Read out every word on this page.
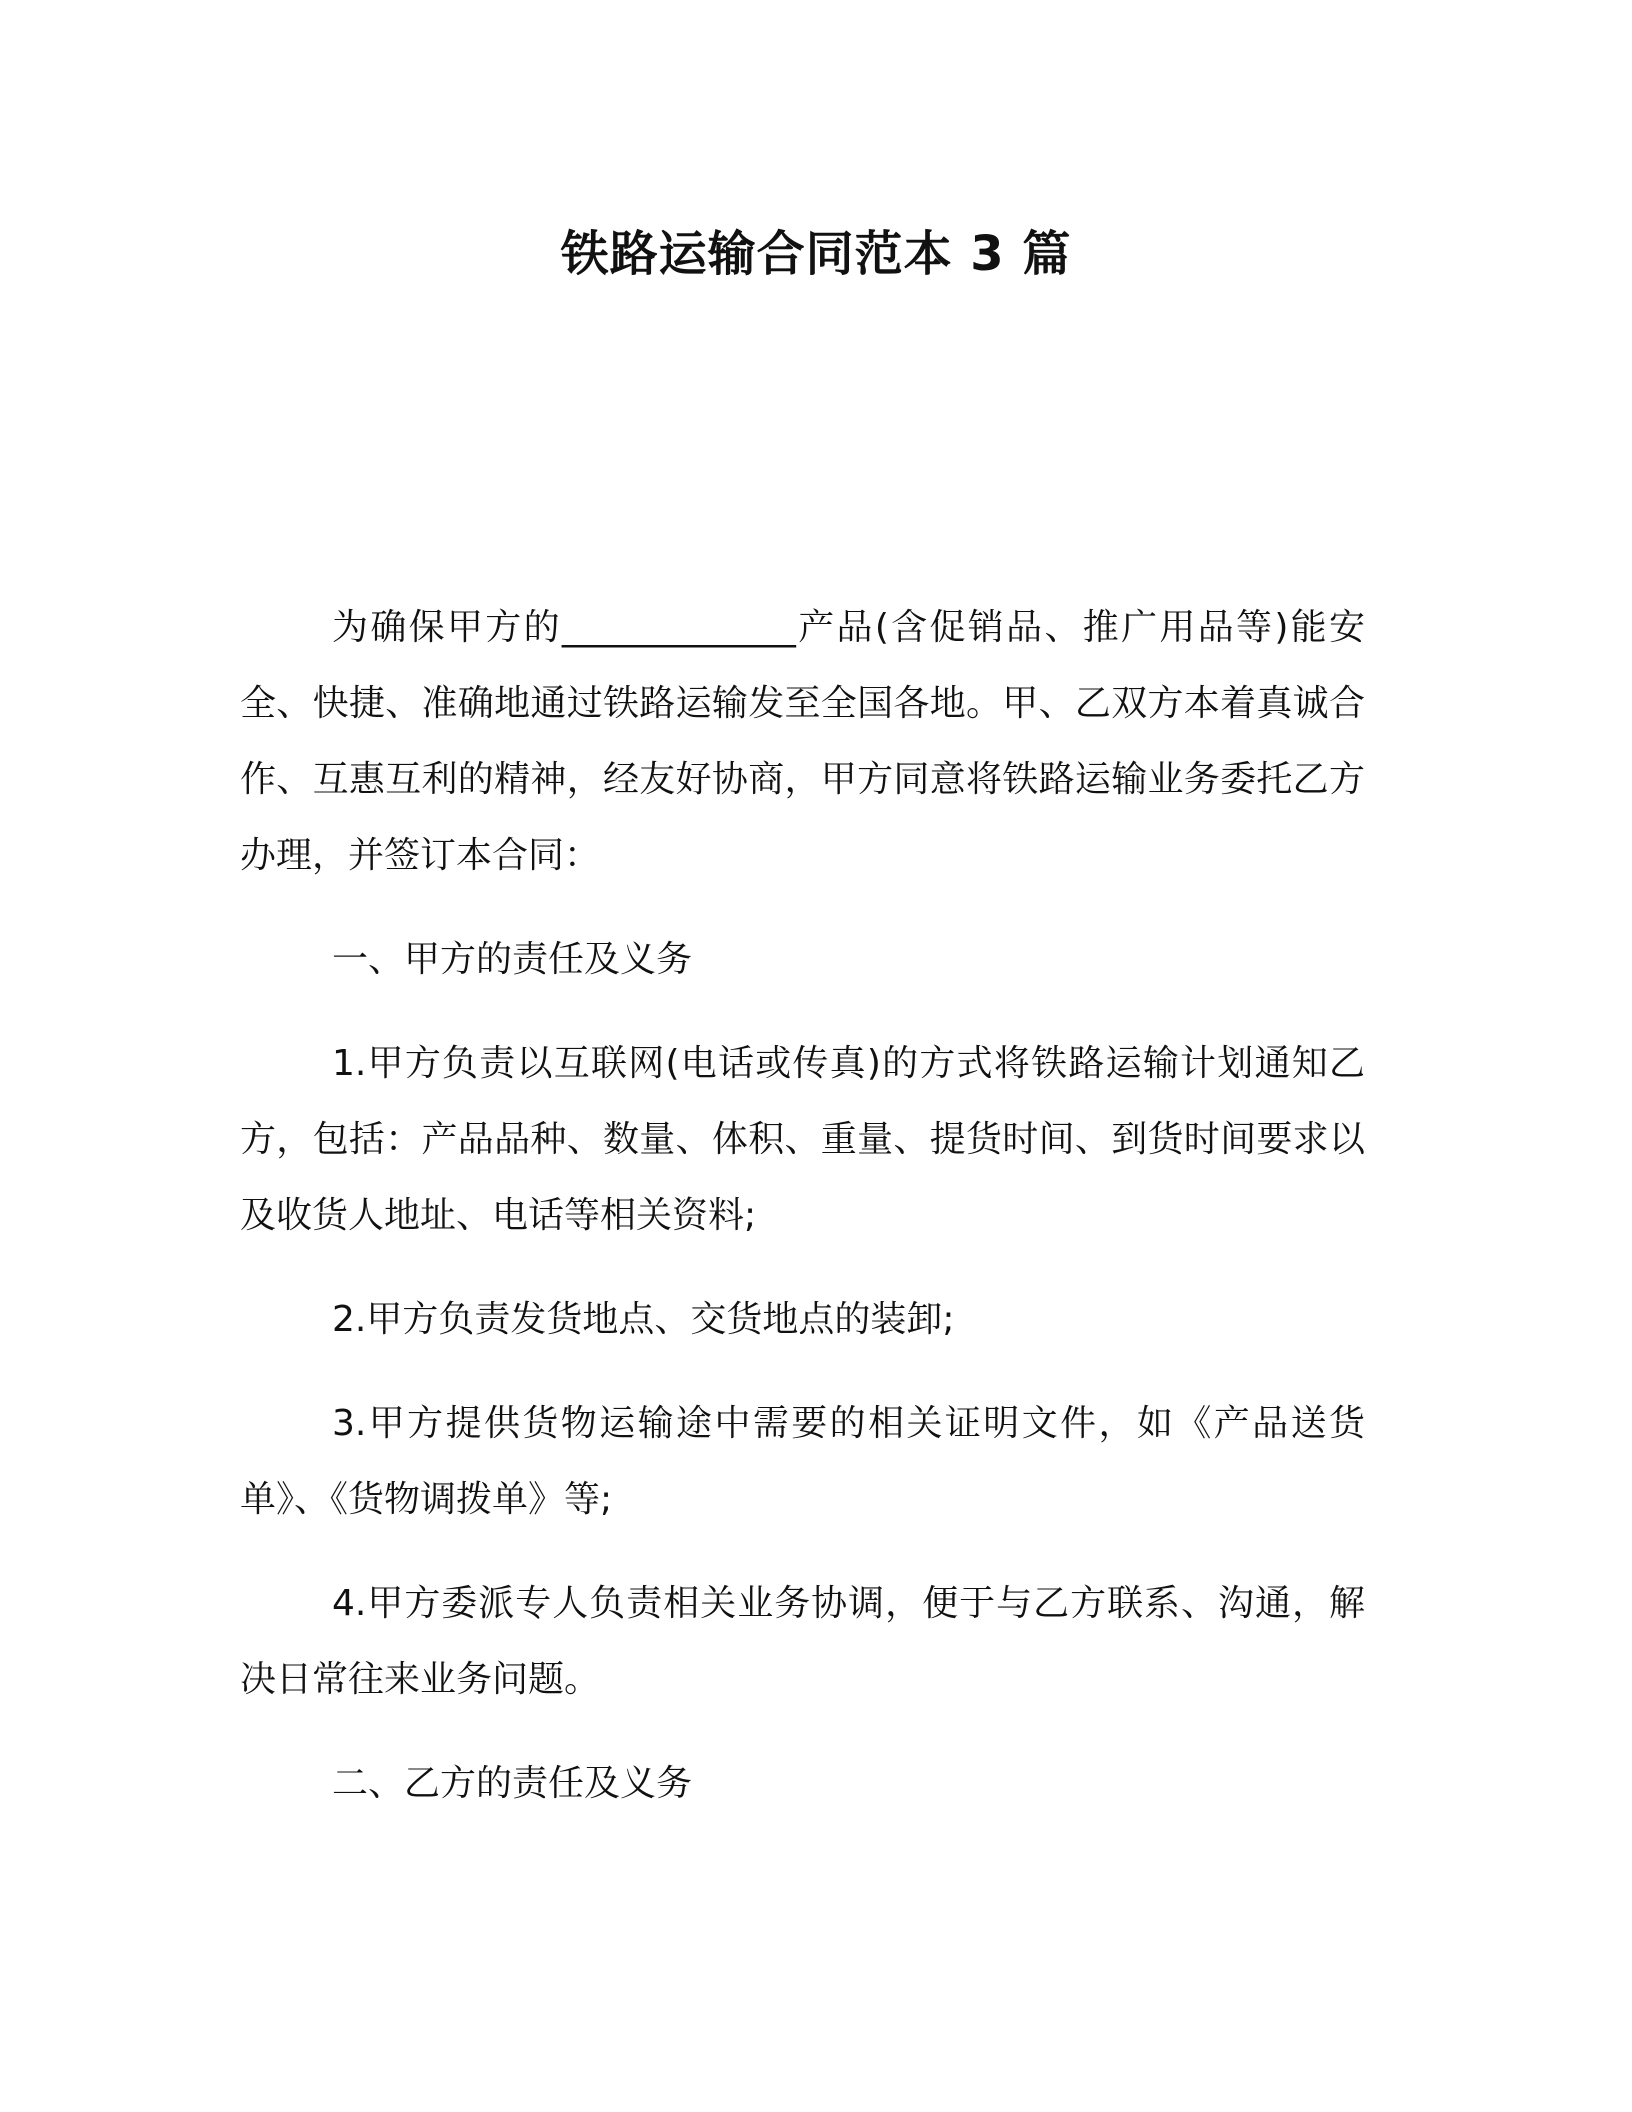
铁路运输合同范本 3 篇

为确保甲方的_____________产品(含促销品、推广用品等)能安全、快捷、准确地通过铁路运输发至全国各地。甲、乙双方本着真诚合作、互惠互利的精神，经友好协商，甲方同意将铁路运输业务委托乙方办理，并签订本合同：

一、甲方的责任及义务

1.甲方负责以互联网(电话或传真)的方式将铁路运输计划通知乙方，包括：产品品种、数量、体积、重量、提货时间、到货时间要求以及收货人地址、电话等相关资料;

2.甲方负责发货地点、交货地点的装卸;

3.甲方提供货物运输途中需要的相关证明文件，如《产品送货单》、《货物调拨单》等;

4.甲方委派专人负责相关业务协调，便于与乙方联系、沟通，解决日常往来业务问题。

二、乙方的责任及义务
